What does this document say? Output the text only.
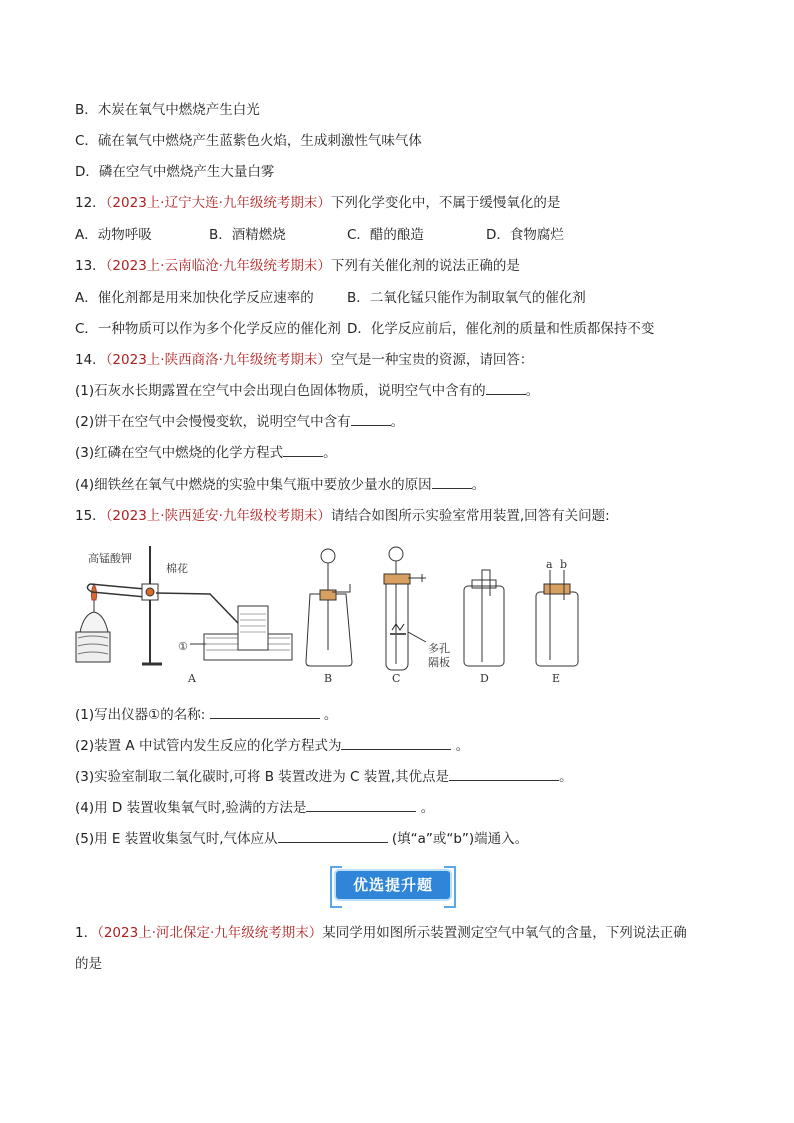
B．木炭在氧气中燃烧产生白光
C．硫在氧气中燃烧产生蓝紫色火焰，生成刺激性气味气体
D．磷在空气中燃烧产生大量白雾
12．（2023上·辽宁大连·九年级统考期末）下列化学变化中，不属于缓慢氧化的是
A．动物呼吸	B．酒精燃烧	C．醋的酿造	D．食物腐烂
13．（2023上·云南临沧·九年级统考期末）下列有关催化剂的说法正确的是
A．催化剂都是用来加快化学反应速率的 B．二氧化锰只能作为制取氧气的催化剂
C．一种物质可以作为多个化学反应的催化剂 D．化学反应前后，催化剂的质量和性质都保持不变
14．（2023上·陕西商洛·九年级统考期末）空气是一种宝贵的资源，请回答：
(1)石灰水长期露置在空气中会出现白色固体物质，说明空气中含有的	。
(2)饼干在空气中会慢慢变软，说明空气中含有	。
(3)红磷在空气中燃烧的化学方程式	。
(4)细铁丝在氧气中燃烧的实验中集气瓶中要放少量水的原因	。
15．（2023上·陕西延安·九年级校考期末）请结合如图所示实验室常用装置,回答有关问题:
高锰酸钾
棉花
①	多孔
隔板
a b
A	B	C	D	E
(1)写出仪器①的名称:	。
(2)装置 A 中试管内发生反应的化学方程式为	。
(3)实验室制取二氧化碳时,可将 B 装置改进为 C 装置,其优点是	。
(4)用 D 装置收集氧气时,验满的方法是	。
(5)用 E 装置收集氢气时,气体应从	(填“a”或“b”)端通入。
优选提升题
1．（2023上·河北保定·九年级统考期末）某同学用如图所示装置测定空气中氧气的含量，下列说法正确
的是
